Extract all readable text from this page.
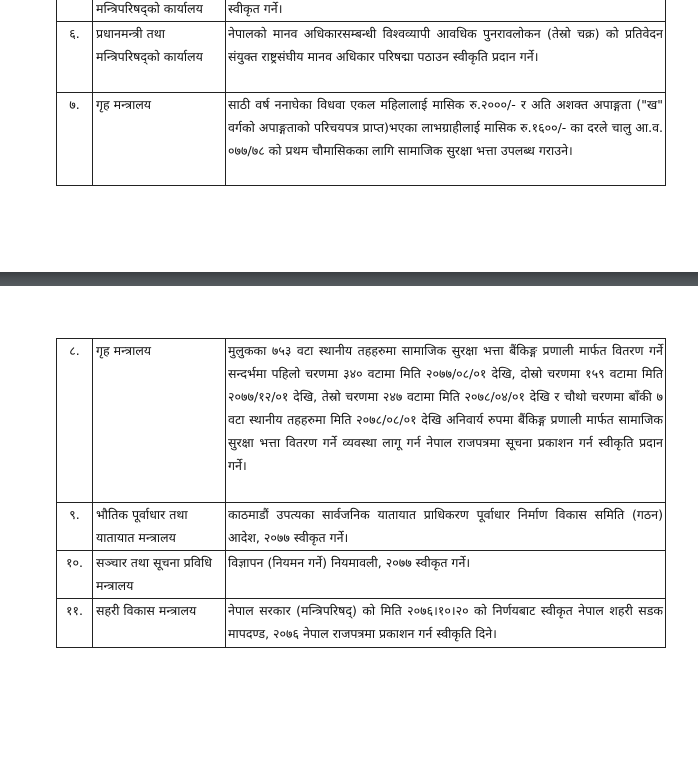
	मन्त्रिपरिषद्को कार्यालय	स्वीकृत गर्ने।
६.	प्रधानमन्त्री तथा मन्त्रिपरिषद्को कार्यालय	नेपालको मानव अधिकारसम्बन्धी विश्वव्यापी आवधिक पुनरावलोकन (तेस्रो चक्र) को प्रतिवेदन संयुक्त राष्ट्रसंघीय मानव अधिकार परिषद्मा पठाउन स्वीकृति प्रदान गर्ने।
७.	गृह मन्त्रालय	साठी वर्ष ननाघेका विधवा एकल महिलालाई मासिक रु.२०००/- र अति अशक्त अपाङ्गता ("ख" वर्गको अपाङ्गताको परिचयपत्र प्राप्त)भएका लाभग्राहीलाई मासिक रु.१६००/- का दरले चालु आ.व. ०७७/७८ को प्रथम चौमासिकका लागि सामाजिक सुरक्षा भत्ता उपलब्ध गराउने।
८.	गृह मन्त्रालय	मुलुकका ७५३ वटा स्थानीय तहहरुमा सामाजिक सुरक्षा भत्ता बैंकिङ्ग प्रणाली मार्फत वितरण गर्ने सन्दर्भमा पहिलो चरणमा ३४० वटामा मिति २०७७/०८/०१ देखि, दोस्रो चरणमा १५९ वटामा मिति २०७७/१२/०१ देखि, तेस्रो चरणमा २४७ वटामा मिति २०७८/०४/०१ देखि र चौथो चरणमा बाँकी ७ वटा स्थानीय तहहरुमा मिति २०७८/०८/०१ देखि अनिवार्य रुपमा बैंकिङ्ग प्रणाली मार्फत सामाजिक सुरक्षा भत्ता वितरण गर्ने व्यवस्था लागू गर्न नेपाल राजपत्रमा सूचना प्रकाशन गर्न स्वीकृति प्रदान गर्ने।
९.	भौतिक पूर्वाधार तथा यातायात मन्त्रालय	काठमाडौं उपत्यका सार्वजनिक यातायात प्राधिकरण पूर्वाधार निर्माण विकास समिति (गठन) आदेश, २०७७ स्वीकृत गर्ने।
१०.	सञ्चार तथा सूचना प्रविधि मन्त्रालय	विज्ञापन (नियमन गर्ने) नियमावली, २०७७ स्वीकृत गर्ने।
११.	सहरी विकास मन्त्रालय	नेपाल सरकार (मन्त्रिपरिषद्) को मिति २०७६।१०।२० को निर्णयबाट स्वीकृत नेपाल शहरी सडक मापदण्ड, २०७६ नेपाल राजपत्रमा प्रकाशन गर्न स्वीकृति दिने।
